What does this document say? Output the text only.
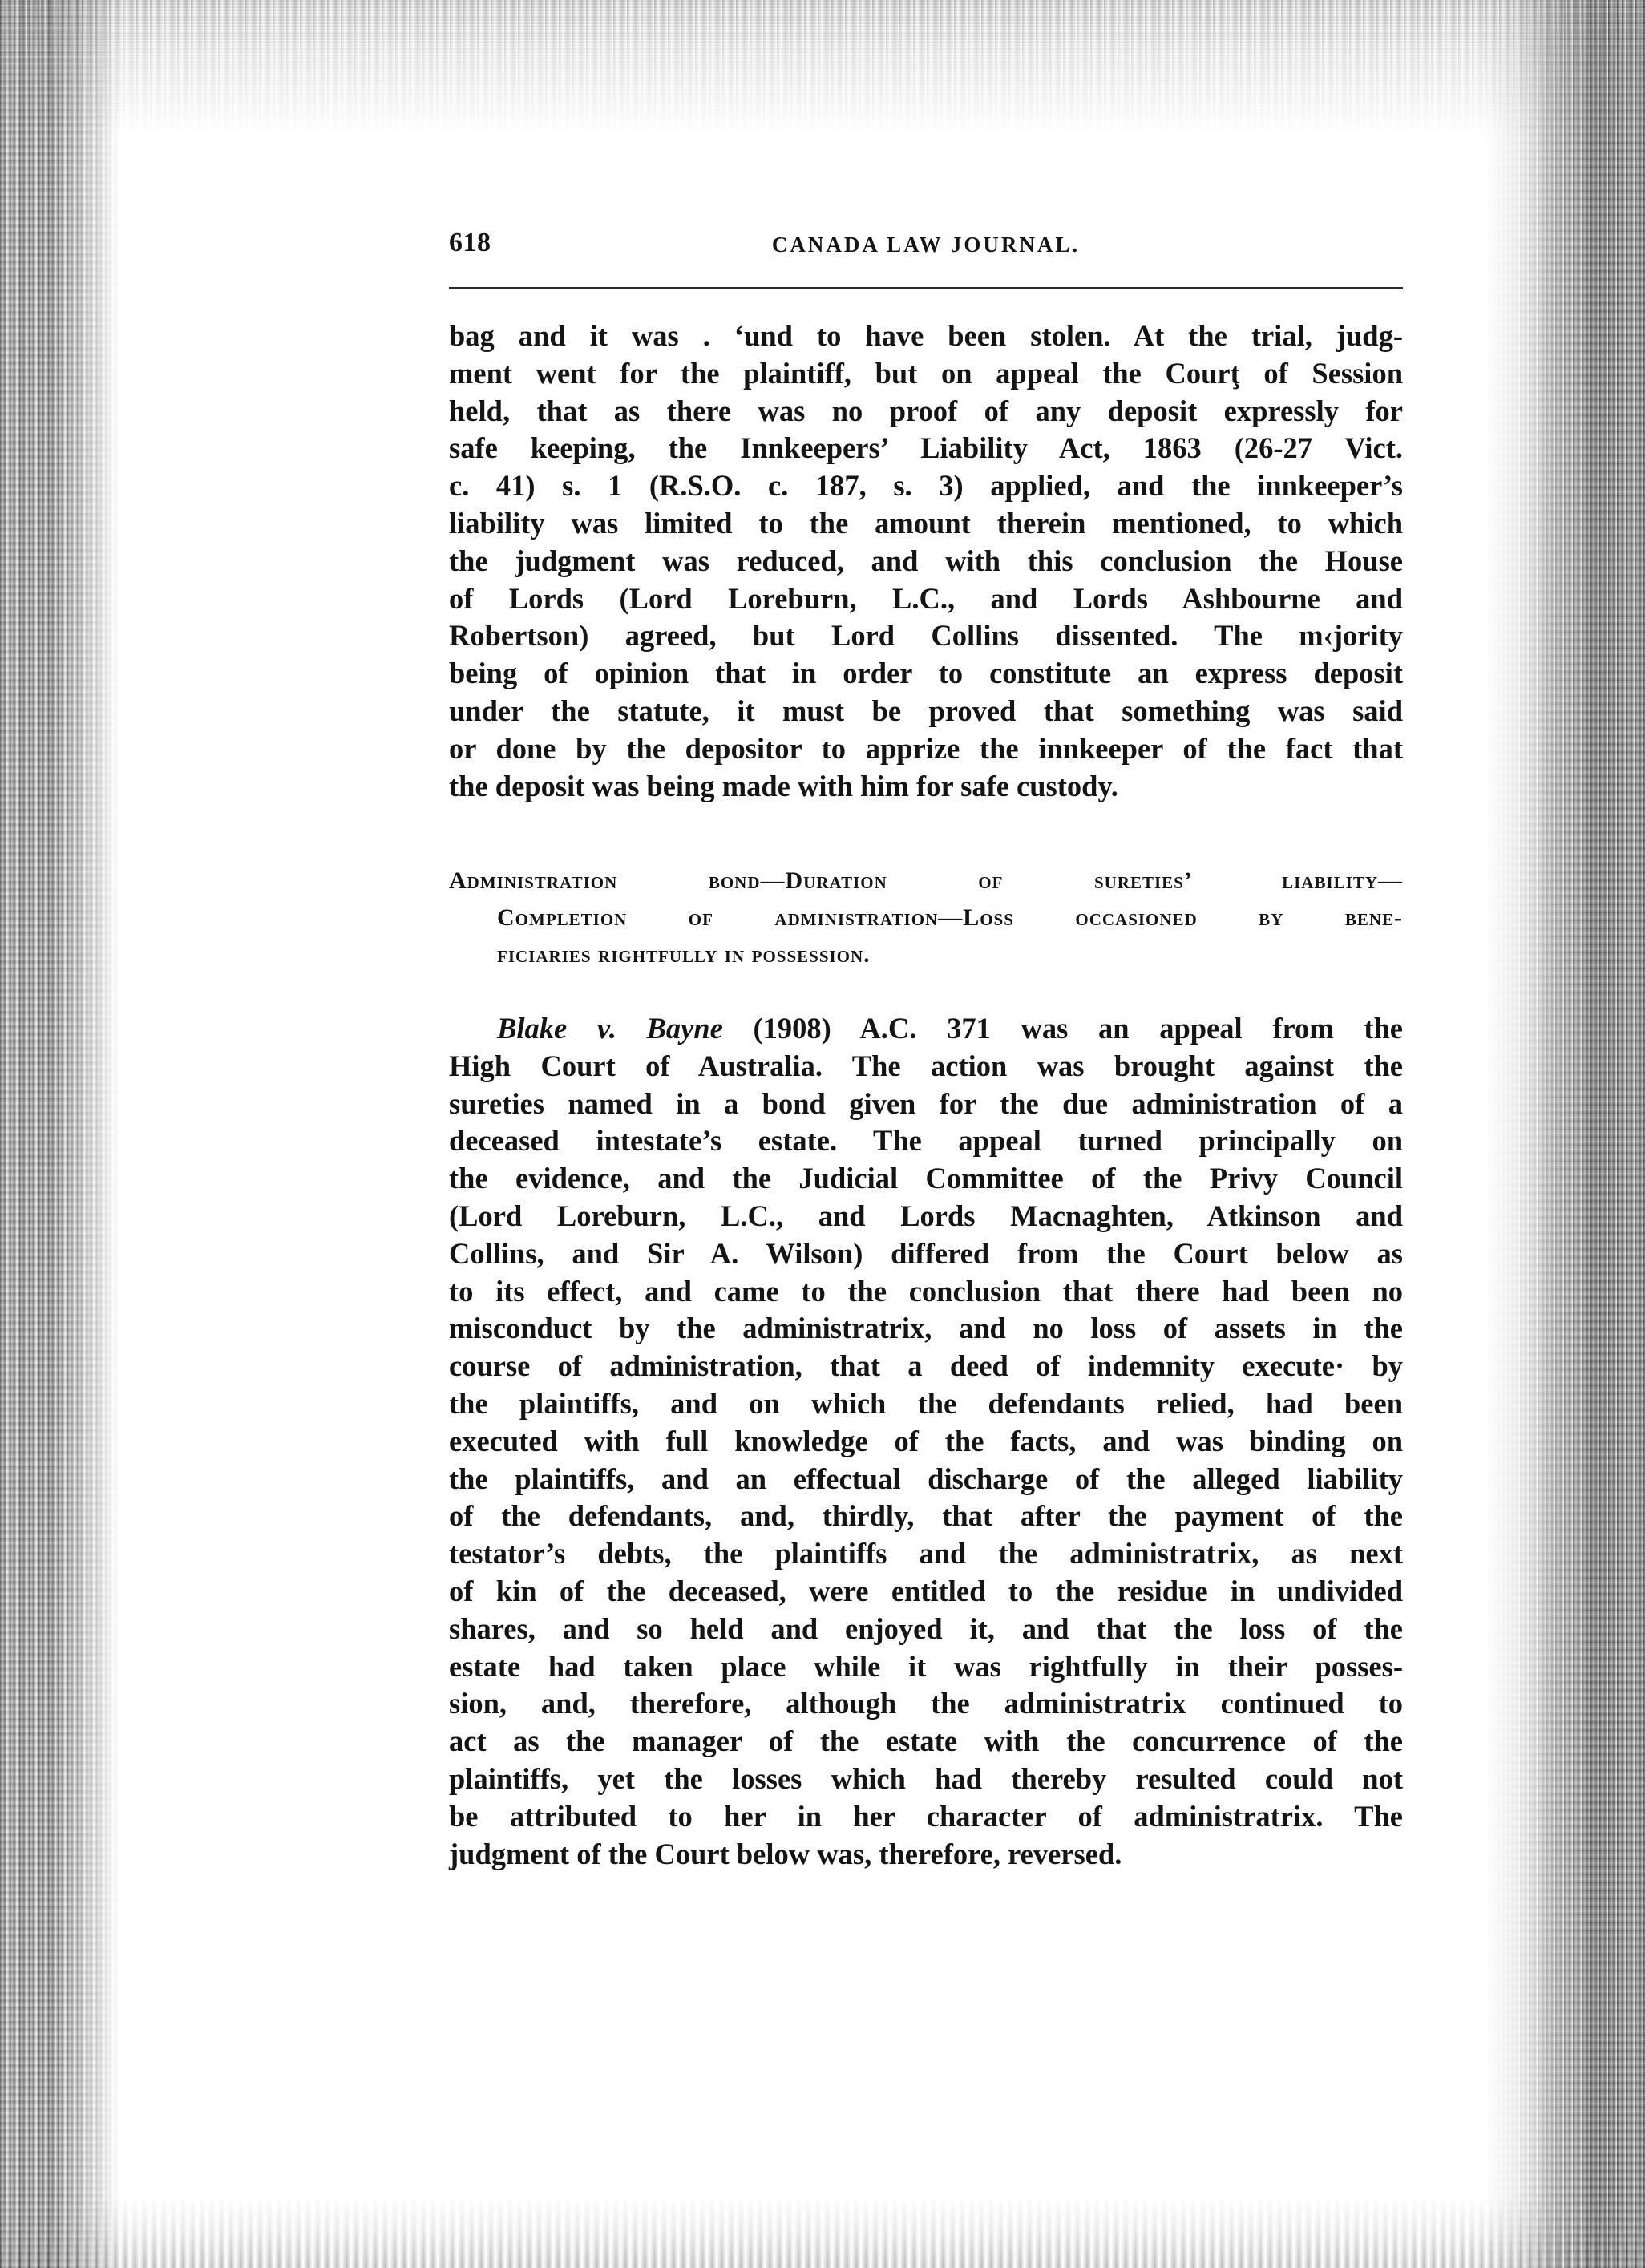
618	CANADA LAW JOURNAL.
bag and it was . ‘und to have been stolen. At the trial, judg-
ment went for the plaintiff, but on appeal the Courţ of Session
held, that as there was no proof of any deposit expressly for
safe keeping, the Innkeepers’ Liability Act, 1863 (26-27 Vict.
c. 41) s. 1 (R.S.O. c. 187, s. 3) applied, and the innkeeper’s
liability was limited to the amount therein mentioned, to which
the judgment was reduced, and with this conclusion the House
of Lords (Lord Loreburn, L.C., and Lords Ashbourne and
Robertson) agreed, but Lord Collins dissented. The m‹jority
being of opinion that in order to constitute an express deposit
under the statute, it must be proved that something was said
or done by the depositor to apprize the innkeeper of the fact that
the deposit was being made with him for safe custody.
Administration bond—Duration of sureties’ liability—
Completion of administration—Loss occasioned by bene-
ficiaries rightfully in possession.
Blake v. Bayne (1908) A.C. 371 was an appeal from the
High Court of Australia. The action was brought against the
sureties named in a bond given for the due administration of a
deceased intestate’s estate. The appeal turned principally on
the evidence, and the Judicial Committee of the Privy Council
(Lord Loreburn, L.C., and Lords Macnaghten, Atkinson and
Collins, and Sir A. Wilson) differed from the Court below as
to its effect, and came to the conclusion that there had been no
misconduct by the administratrix, and no loss of assets in the
course of administration, that a deed of indemnity execute· by
the plaintiffs, and on which the defendants relied, had been
executed with full knowledge of the facts, and was binding on
the plaintiffs, and an effectual discharge of the alleged liability
of the defendants, and, thirdly, that after the payment of the
testator’s debts, the plaintiffs and the administratrix, as next
of kin of the deceased, were entitled to the residue in undivided
shares, and so held and enjoyed it, and that the loss of the
estate had taken place while it was rightfully in their posses-
sion, and, therefore, although the administratrix continued to
act as the manager of the estate with the concurrence of the
plaintiffs, yet the losses which had thereby resulted could not
be attributed to her in her character of administratrix. The
judgment of the Court below was, therefore, reversed.
